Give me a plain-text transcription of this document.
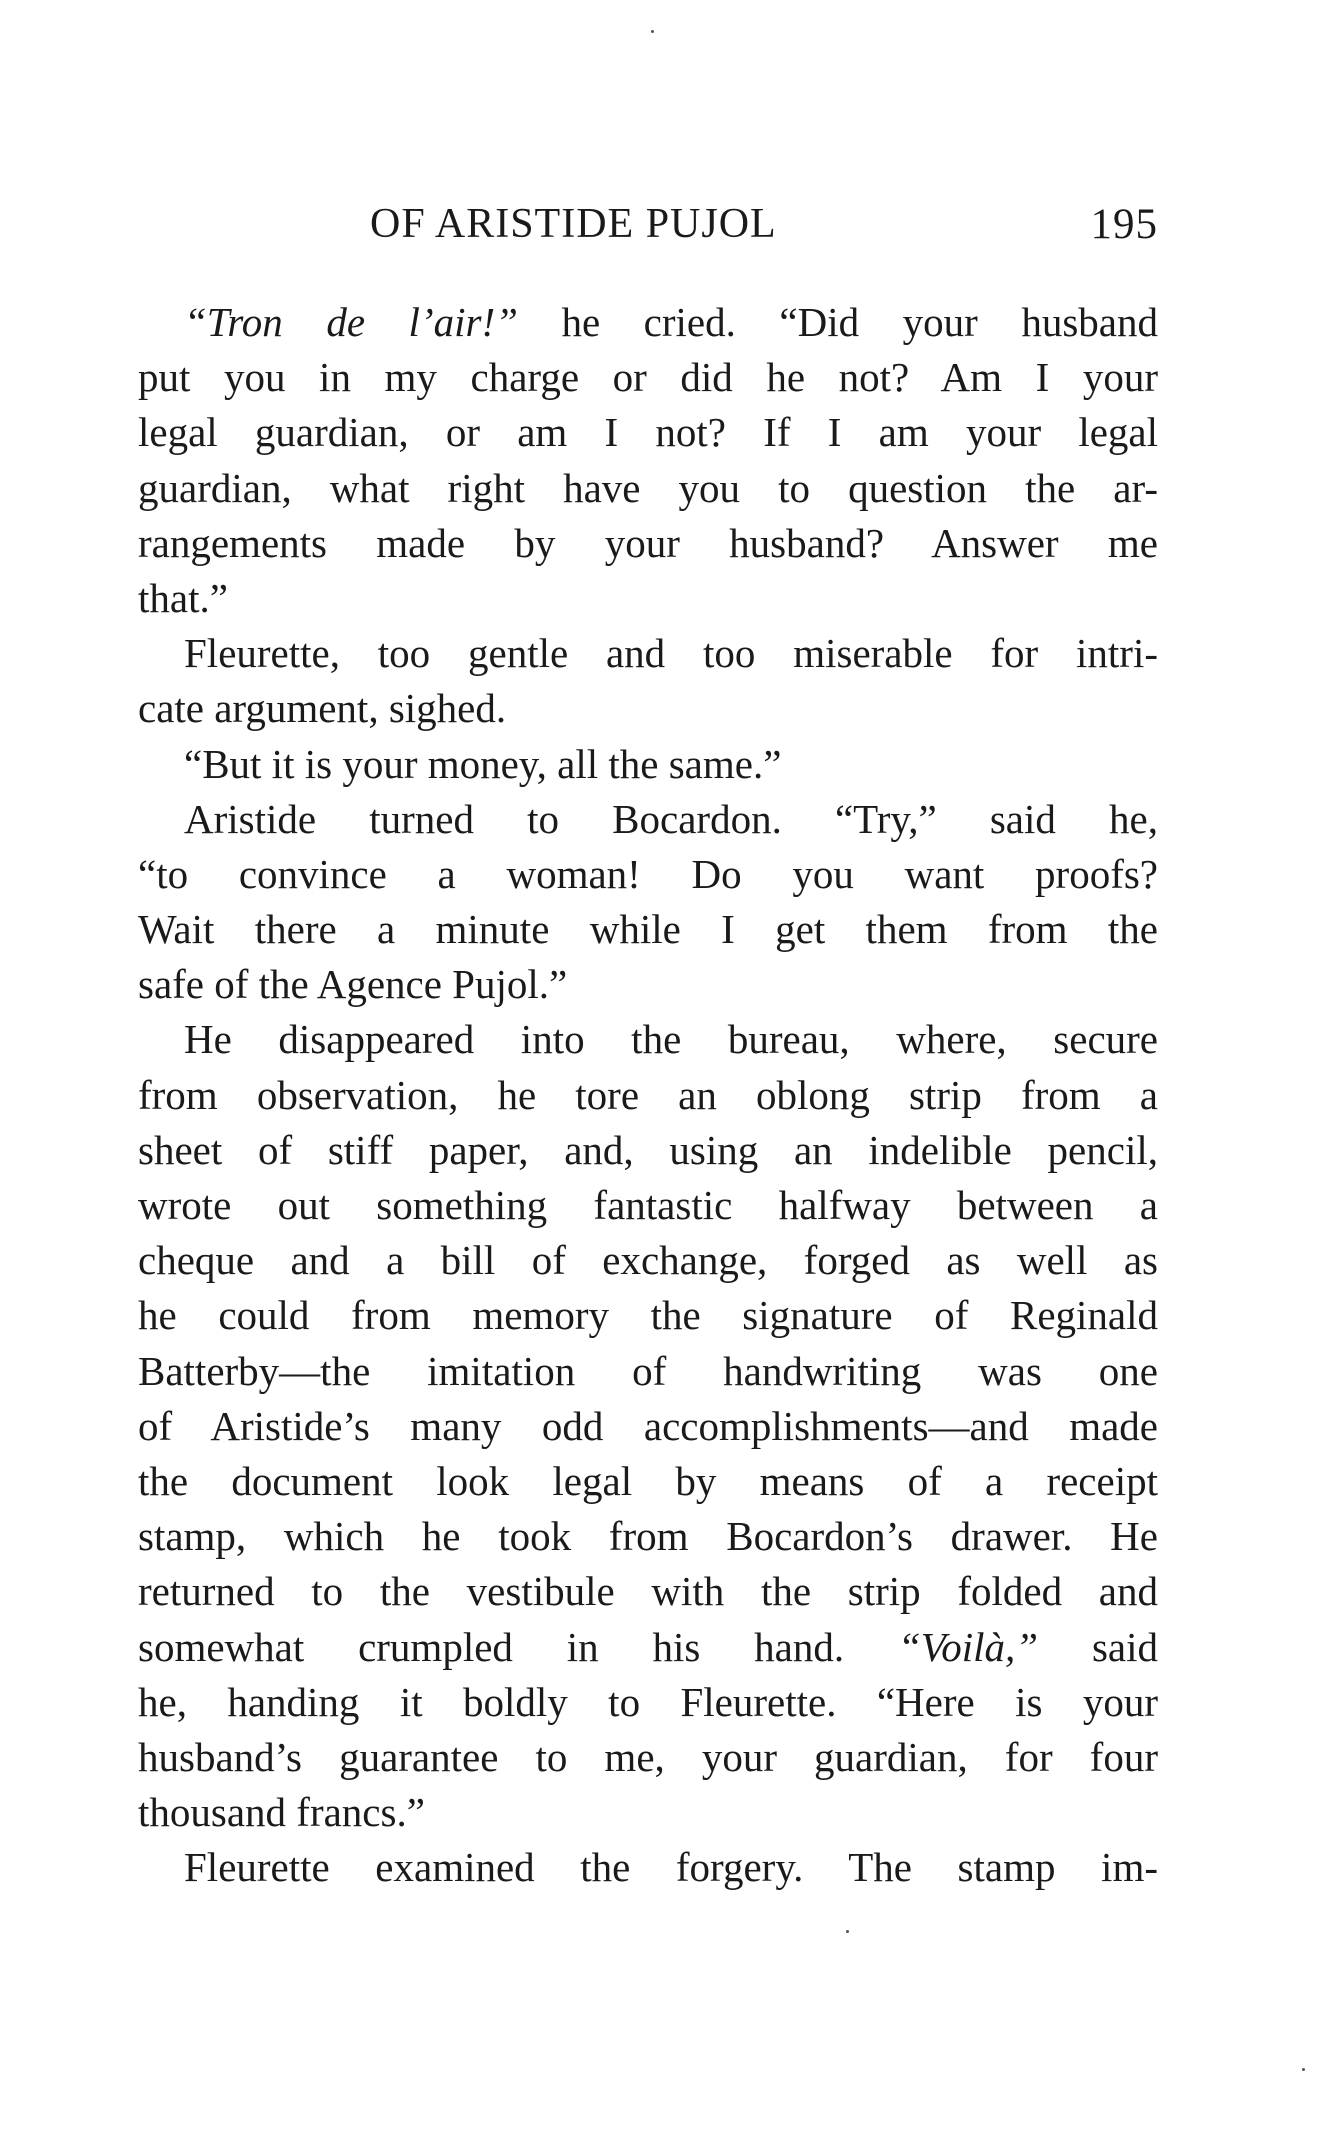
OF ARISTIDE PUJOL	195
“Tron de l’air!” he cried. “Did your husband
put you in my charge or did he not? Am I your
legal guardian, or am I not? If I am your legal
guardian, what right have you to question the ar-
rangements made by your husband? Answer me
that.”
Fleurette, too gentle and too miserable for intri-
cate argument, sighed.
“But it is your money, all the same.”
Aristide turned to Bocardon. “Try,” said he,
“to convince a woman! Do you want proofs?
Wait there a minute while I get them from the
safe of the Agence Pujol.”
He disappeared into the bureau, where, secure
from observation, he tore an oblong strip from a
sheet of stiff paper, and, using an indelible pencil,
wrote out something fantastic halfway between a
cheque and a bill of exchange, forged as well as
he could from memory the signature of Reginald
Batterby—the imitation of handwriting was one
of Aristide’s many odd accomplishments—and made
the document look legal by means of a receipt
stamp, which he took from Bocardon’s drawer. He
returned to the vestibule with the strip folded and
somewhat crumpled in his hand. “Voilà,” said
he, handing it boldly to Fleurette. “Here is your
husband’s guarantee to me, your guardian, for four
thousand francs.”
Fleurette examined the forgery. The stamp im-
